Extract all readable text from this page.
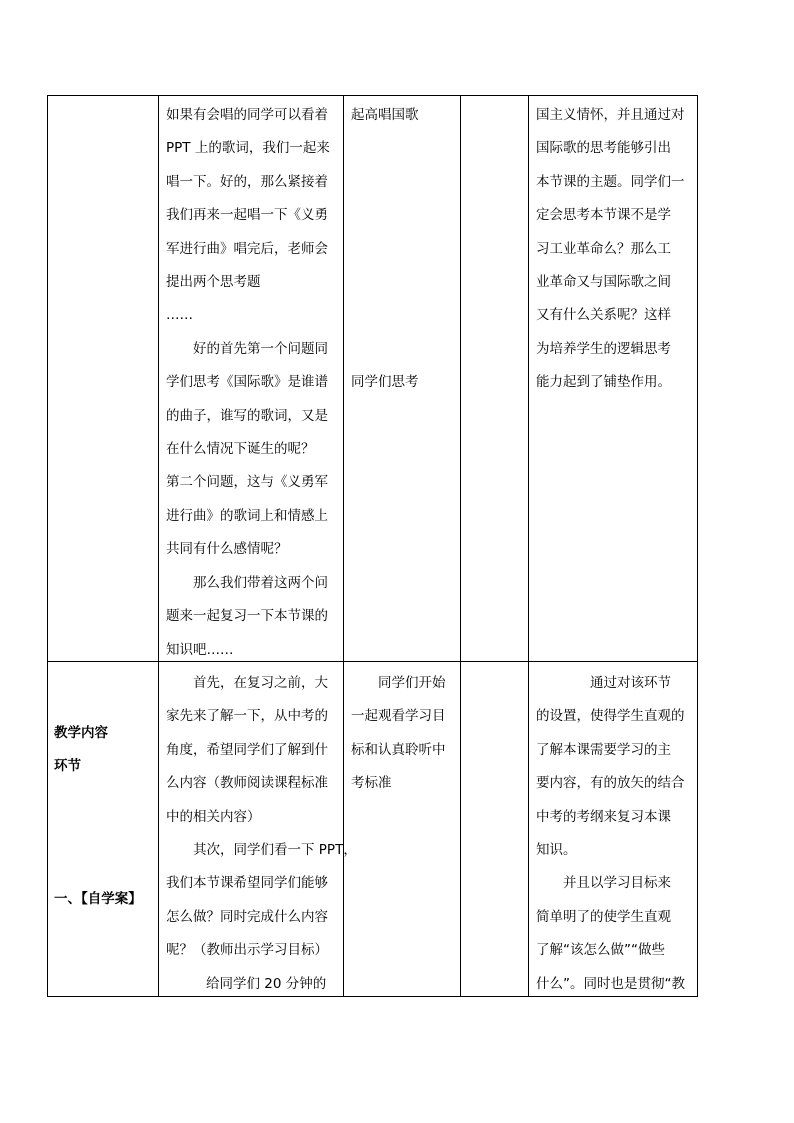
如果有会唱的同学可以看着

PPT 上的歌词，我们一起来

唱一下。好的，那么紧接着

我们再来一起唱一下《义勇

军进行曲》唱完后，老师会

提出两个思考题

……

好的首先第一个问题同

学们思考《国际歌》是谁谱

的曲子，谁写的歌词，又是

在什么情况下诞生的呢？

第二个问题，这与《义勇军

进行曲》的歌词上和情感上

共同有什么感情呢？

那么我们带着这两个问

题来一起复习一下本节课的

知识吧……

起高唱国歌

同学们思考

国主义情怀，并且通过对

国际歌的思考能够引出

本节课的主题。同学们一

定会思考本节课不是学

习工业革命么？那么工

业革命又与国际歌之间

又有什么关系呢？这样

为培养学生的逻辑思考

能力起到了铺垫作用。

教学内容

环节

一、【自学案】

首先，在复习之前，大

家先来了解一下，从中考的

角度，希望同学们了解到什

么内容（教师阅读课程标准

中的相关内容）

其次，同学们看一下 PPT，

我们本节课希望同学们能够

怎么做？同时完成什么内容

呢？（教师出示学习目标）

给同学们 20 分钟的

同学们开始

一起观看学习目

标和认真聆听中

考标准

通过对该环节

的设置，使得学生直观的

了解本课需要学习的主

要内容，有的放矢的结合

中考的考纲来复习本课

知识。

并且以学习目标来

简单明了的使学生直观

了解“该怎么做”“做些

什么”。同时也是贯彻“教
